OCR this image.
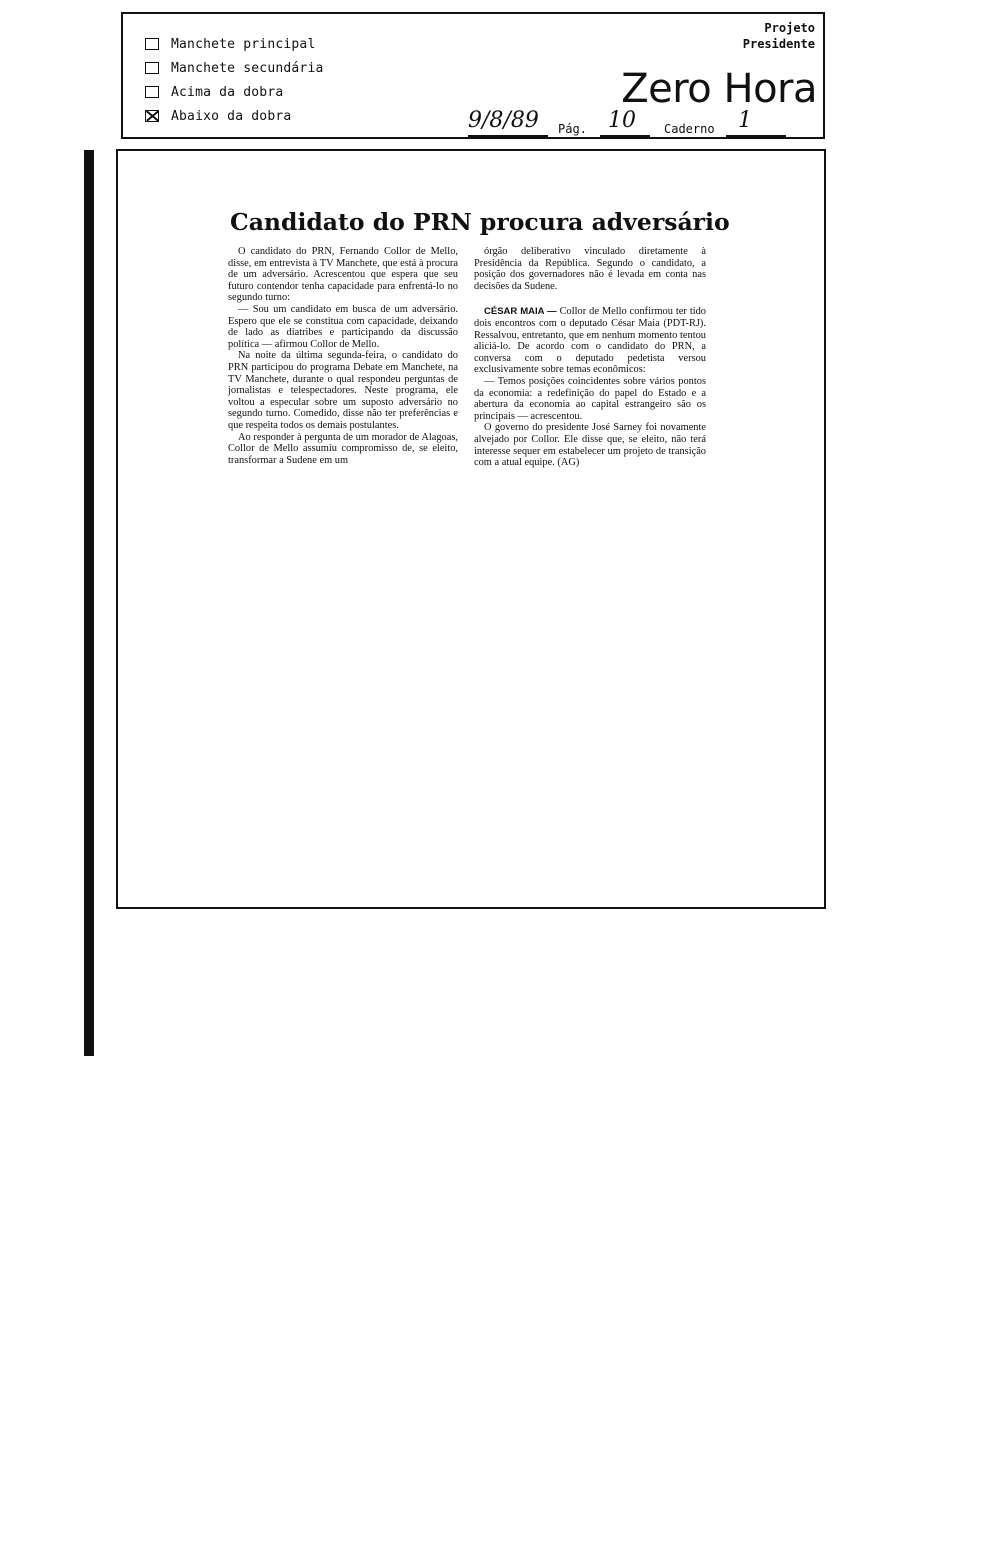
Manchete principal
Manchete secundária
Acima da dobra
Abaixo da dobra
Projeto
Presidente
Zero Hora
9/8/89 Pág. 10 Caderno 1
Candidato do PRN procura adversário

O candidato do PRN, Fernando Collor de Mello, disse, em entrevista à TV Manchete, que está à procura de um adversário. Acrescentou que espera que seu futuro contendor tenha capacidade para enfrentá-lo no segundo turno:

— Sou um candidato em busca de um adversário. Espero que ele se constitua com capacidade, deixando de lado as diatribes e participando da discussão política — afirmou Collor de Mello.

Na noite da última segunda-feira, o candidato do PRN participou do programa Debate em Manchete, na TV Manchete, durante o qual respondeu perguntas de jornalistas e telespectadores. Neste programa, ele voltou a especular sobre um suposto adversário no segundo turno. Comedido, disse não ter preferências e que respeita todos os demais postulantes.

Ao responder à pergunta de um morador de Alagoas, Collor de Mello assumiu compromisso de, se eleito, transformar a Sudene em um

órgão deliberativo vinculado diretamente à Presidência da República. Segundo o candidato, a posição dos governadores não é levada em conta nas decisões da Sudene.

CÉSAR MAIA — Collor de Mello confirmou ter tido dois encontros com o deputado César Maia (PDT-RJ). Ressalvou, entretanto, que em nenhum momento tentou aliciá-lo. De acordo com o candidato do PRN, a conversa com o deputado pedetista versou exclusivamente sobre temas econômicos:

— Temos posições coincidentes sobre vários pontos da economia: a redefinição do papel do Estado e a abertura da economia ao capital estrangeiro são os principais — acrescentou.

O governo do presidente José Sarney foi novamente alvejado por Collor. Ele disse que, se eleito, não terá interesse sequer em estabelecer um projeto de transição com a atual equipe. (AG)
